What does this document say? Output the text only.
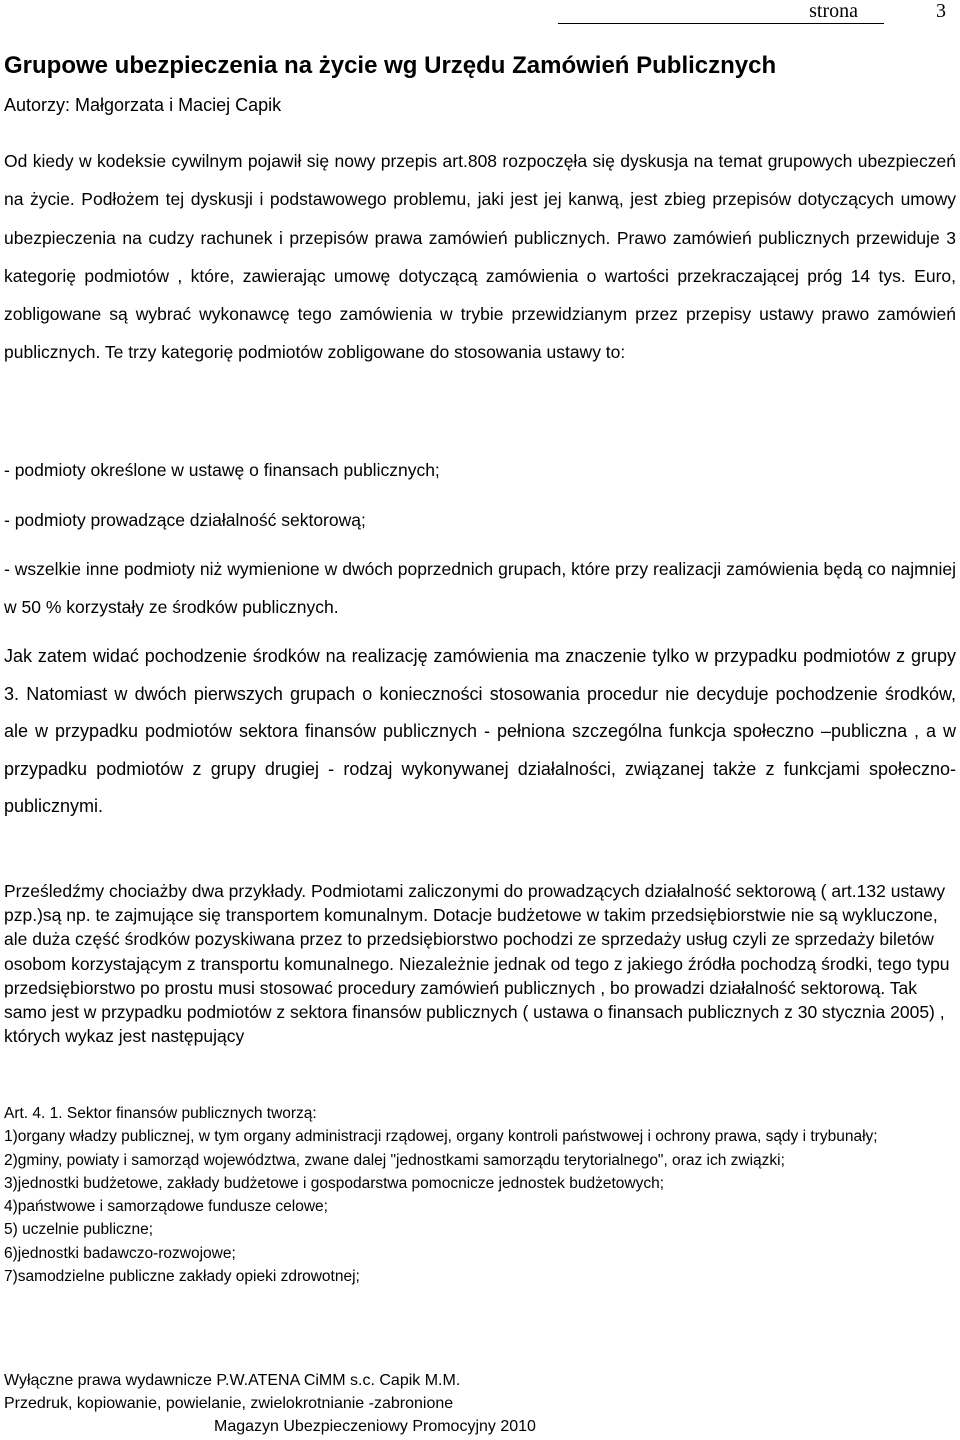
strona	3
Grupowe ubezpieczenia na życie wg Urzędu Zamówień Publicznych
Autorzy: Małgorzata i Maciej Capik

Od kiedy w kodeksie cywilnym pojawił się nowy przepis art.808 rozpoczęła się dyskusja na temat grupowych ubezpieczeń na życie. Podłożem tej dyskusji i podstawowego problemu, jaki jest jej kanwą, jest zbieg przepisów dotyczących umowy ubezpieczenia na cudzy rachunek i przepisów prawa zamówień publicznych. Prawo zamówień publicznych przewiduje 3 kategorię podmiotów , które, zawierając umowę dotyczącą zamówienia o wartości przekraczającej próg 14 tys. Euro, zobligowane są wybrać wykonawcę tego zamówienia w trybie przewidzianym przez przepisy ustawy prawo zamówień publicznych. Te trzy kategorię podmiotów zobligowane do stosowania ustawy to:

- podmioty określone w ustawę o finansach publicznych;

- podmioty prowadzące działalność sektorową;

- wszelkie inne podmioty niż wymienione w dwóch poprzednich grupach, które przy realizacji zamówienia będą co najmniej w 50 % korzystały ze środków publicznych.

Jak zatem widać pochodzenie środków na realizację zamówienia ma znaczenie tylko w przypadku podmiotów z grupy 3. Natomiast w dwóch pierwszych grupach o konieczności stosowania procedur nie decyduje pochodzenie środków, ale w przypadku podmiotów sektora finansów publicznych - pełniona szczególna funkcja społeczno –publiczna , a w przypadku podmiotów z grupy drugiej - rodzaj wykonywanej działalności, związanej także z funkcjami społeczno-publicznymi.

Prześledźmy chociażby dwa przykłady. Podmiotami zaliczonymi do prowadzących działalność sektorową ( art.132 ustawy pzp.)są np. te zajmujące się transportem komunalnym. Dotacje budżetowe w takim przedsiębiorstwie nie są wykluczone, ale duża część środków pozyskiwana przez to przedsiębiorstwo pochodzi ze sprzedaży usług czyli ze sprzedaży biletów osobom korzystającym z transportu komunalnego. Niezależnie jednak od tego z jakiego źródła pochodzą środki, tego typu przedsiębiorstwo po prostu musi stosować procedury zamówień publicznych , bo prowadzi działalność sektorową. Tak samo jest w przypadku podmiotów z sektora finansów publicznych ( ustawa o finansach publicznych z 30 stycznia 2005) , których wykaz jest następujący

Art. 4. 1. Sektor finansów publicznych tworzą:
1)organy władzy publicznej, w tym organy administracji rządowej, organy kontroli państwowej i ochrony prawa, sądy i trybunały;
2)gminy, powiaty i samorząd województwa, zwane dalej "jednostkami samorządu terytorialnego", oraz ich związki;
3)jednostki budżetowe, zakłady budżetowe i gospodarstwa pomocnicze jednostek budżetowych;
4)państwowe i samorządowe fundusze celowe;
5) uczelnie publiczne;
6)jednostki badawczo-rozwojowe;
7)samodzielne publiczne zakłady opieki zdrowotnej;
Wyłączne prawa wydawnicze P.W.ATENA CiMM s.c. Capik M.M.
Przedruk, kopiowanie, powielanie, zwielokrotnianie -zabronione
Magazyn Ubezpieczeniowy Promocyjny 2010
